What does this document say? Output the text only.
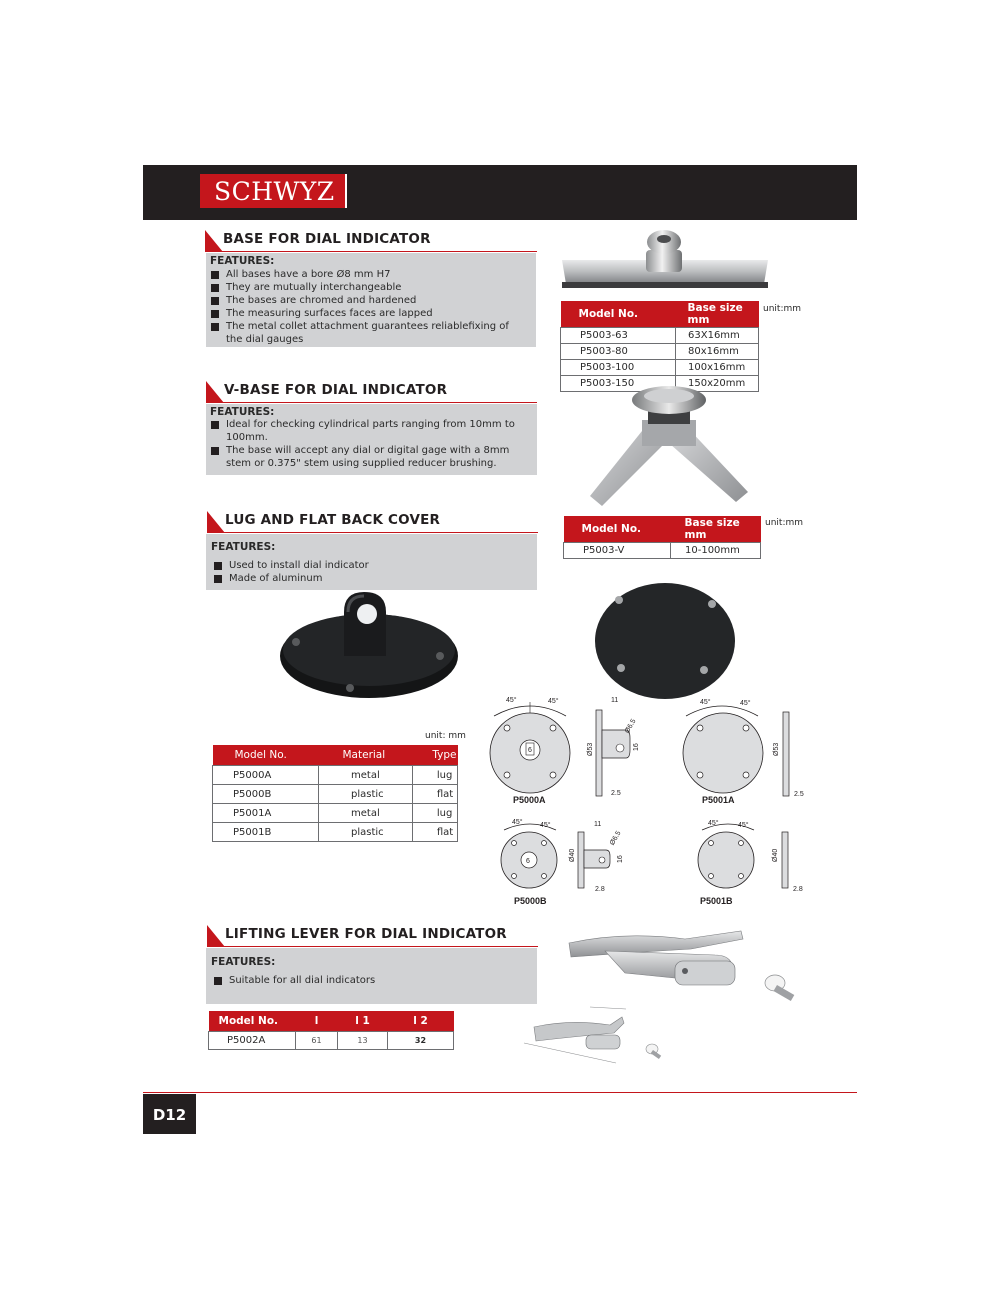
SCHWYZ
BASE FOR DIAL INDICATOR
FEATURES:
All bases have a bore Ø8 mm H7
They are mutually interchangeable
The bases are chromed and hardened
The measuring surfaces faces are lapped
The metal collet attachment guarantees reliablefixing of the dial gauges
unit:mm
Model No.	Base size mm
P5003-63	63X16mm
P5003-80	80x16mm
P5003-100	100x16mm
P5003-150	150x20mm
V-BASE FOR DIAL INDICATOR
FEATURES:
Ideal for checking cylindrical parts ranging from 10mm to 100mm.
The base will accept any dial or digital gage with a 8mm stem or 0.375" stem using supplied reducer brushing.
unit:mm
Model No.	Base size mm
P5003-V	10-100mm
LUG AND FLAT BACK COVER
FEATURES:
Used to install dial indicator
Made of aluminum
unit: mm
Model No.	Material	Type
P5000A	metal	lug
P5000B	plastic	flat
P5001A	metal	lug
P5001B	plastic	flat
45°	45°
6
P5000A
11
Ø53
Ø6.5
16
2.5
45°	45°
P5001A
Ø53
2.5
45° 45°
6
P5000B
11
Ø40
Ø6.5
16
2.8
45°	45°
P5001B
Ø40
2.8
LIFTING LEVER FOR DIAL INDICATOR
FEATURES:
Suitable for all dial indicators
Model No.	l	l 1	l 2
P5002A	61	13	32
D12
